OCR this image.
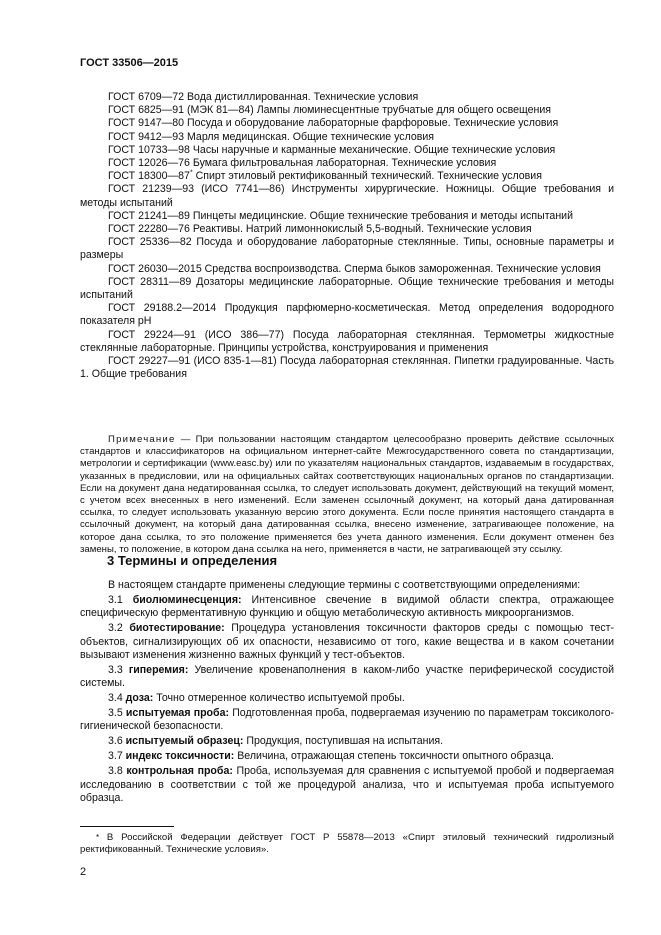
ГОСТ 33506—2015

ГОСТ 6709—72 Вода дистиллированная. Технические условия

ГОСТ 6825—91 (МЭК 81—84) Лампы люминесцентные трубчатые для общего освещения

ГОСТ 9147—80 Посуда и оборудование лабораторные фарфоровые. Технические условия

ГОСТ 9412—93 Марля медицинская. Общие технические условия

ГОСТ 10733—98 Часы наручные и карманные механические. Общие технические условия

ГОСТ 12026—76 Бумага фильтровальная лабораторная. Технические условия

ГОСТ 18300—87* Спирт этиловый ректификованный технический. Технические условия

ГОСТ 21239—93 (ИСО 7741—86) Инструменты хирургические. Ножницы. Общие требования и методы испытаний

ГОСТ 21241—89 Пинцеты медицинские. Общие технические требования и методы испытаний

ГОСТ 22280—76 Реактивы. Натрий лимоннокислый 5,5-водный. Технические условия

ГОСТ 25336—82 Посуда и оборудование лабораторные стеклянные. Типы, основные параметры и размеры

ГОСТ 26030—2015 Средства воспроизводства. Сперма быков замороженная. Технические условия

ГОСТ 28311—89 Дозаторы медицинские лабораторные. Общие технические требования и методы испытаний

ГОСТ 29188.2—2014 Продукция парфюмерно-косметическая. Метод определения водородного показателя pH

ГОСТ 29224—91 (ИСО 386—77) Посуда лабораторная стеклянная. Термометры жидкостные стеклянные лабораторные. Принципы устройства, конструирования и применения

ГОСТ 29227—91 (ИСО 835-1—81) Посуда лабораторная стеклянная. Пипетки градуированные. Часть 1. Общие требования

Примечание — При пользовании настоящим стандартом целесообразно проверить действие ссылочных стандартов и классификаторов на официальном интернет-сайте Межгосударственного совета по стандартизации, метрологии и сертификации (www.easc.by) или по указателям национальных стандартов, издаваемым в государствах, указанных в предисловии, или на официальных сайтах соответствующих национальных органов по стандартизации. Если на документ дана недатированная ссылка, то следует использовать документ, действующий на текущий момент, с учетом всех внесенных в него изменений. Если заменен ссылочный документ, на который дана датированная ссылка, то следует использовать указанную версию этого документа. Если после принятия настоящего стандарта в ссылочный документ, на который дана датированная ссылка, внесено изменение, затрагивающее положение, на которое дана ссылка, то это положение применяется без учета данного изменения. Если документ отменен без замены, то положение, в котором дана ссылка на него, применяется в части, не затрагивающей эту ссылку.

3 Термины и определения

В настоящем стандарте применены следующие термины с соответствующими определениями:

3.1 биолюминесценция: Интенсивное свечение в видимой области спектра, отражающее специфическую ферментативную функцию и общую метаболическую активность микроорганизмов.

3.2 биотестирование: Процедура установления токсичности факторов среды с помощью тест-объектов, сигнализирующих об их опасности, независимо от того, какие вещества и в каком сочетании вызывают изменения жизненно важных функций у тест-объектов.

3.3 гиперемия: Увеличение кровенаполнения в каком-либо участке периферической сосудистой системы.

3.4 доза: Точно отмеренное количество испытуемой пробы.

3.5 испытуемая проба: Подготовленная проба, подвергаемая изучению по параметрам токсиколого-гигиенической безопасности.

3.6 испытуемый образец: Продукция, поступившая на испытания.

3.7 индекс токсичности: Величина, отражающая степень токсичности опытного образца.

3.8 контрольная проба: Проба, используемая для сравнения с испытуемой пробой и подвергаемая исследованию в соответствии с той же процедурой анализа, что и испытуемая проба испытуемого образца.

* В Российской Федерации действует ГОСТ Р 55878—2013 «Спирт этиловый технический гидролизный ректификованный. Технические условия».

2
